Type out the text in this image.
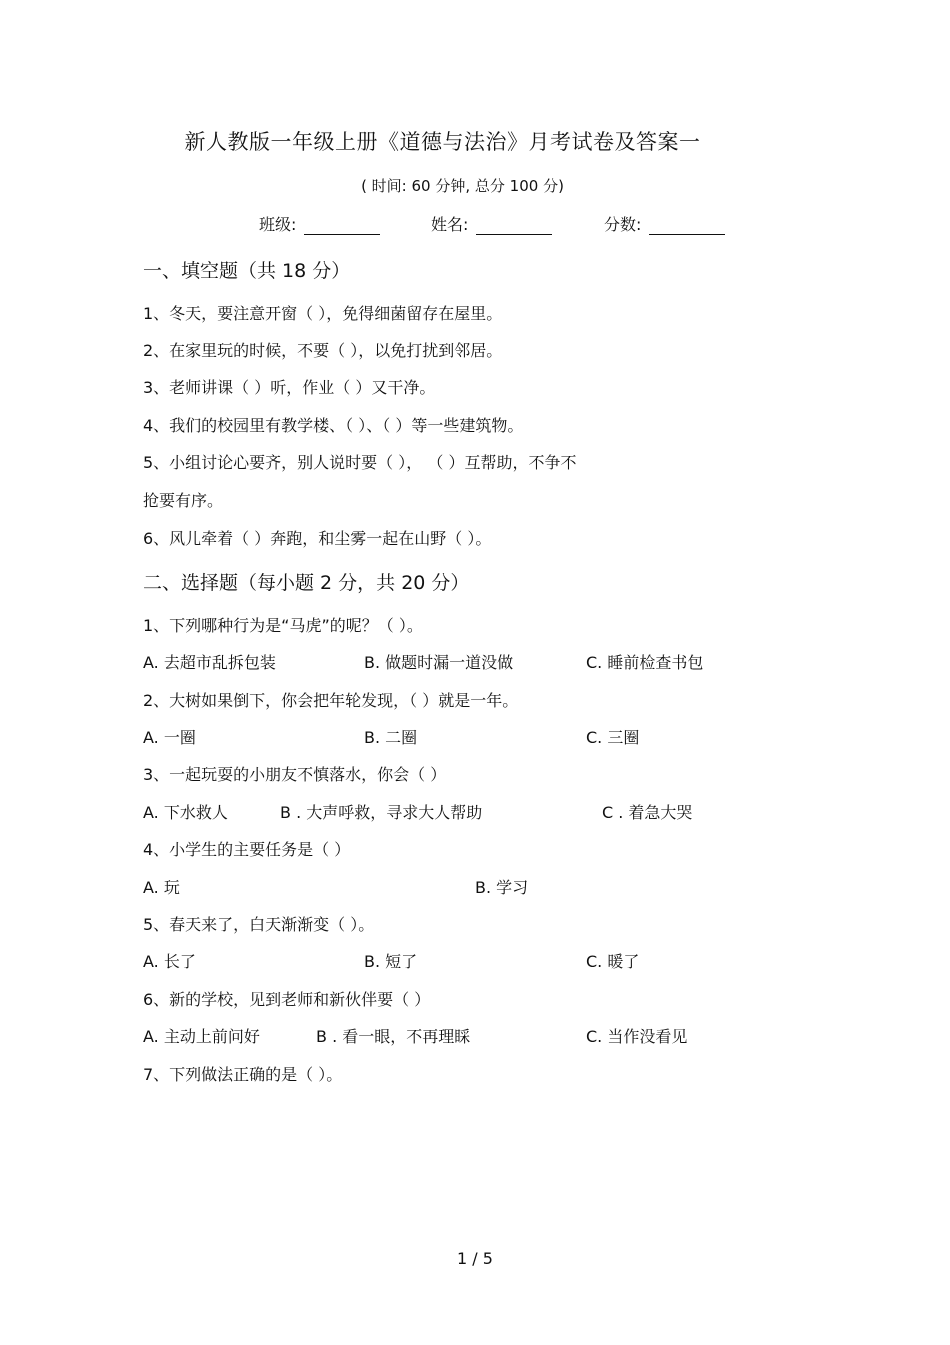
新人教版一年级上册《道德与法治》月考试卷及答案一
( 时间: 60 分钟, 总分 100 分)
班级:	姓名:	分数:
一、填空题（共 18 分）
1、冬天，要注意开窗（ ），免得细菌留存在屋里。
2、在家里玩的时候，不要（ ），以免打扰到邻居。
3、老师讲课（ ）听，作业（ ）又干净。
4、我们的校园里有教学楼、（ ）、（ ）等一些建筑物。
5、小组讨论心要齐，别人说时要（ ）， （ ）互帮助，不争不
抢要有序。
6、风儿牵着（ ）奔跑，和尘雾一起在山野（ ）。
二、选择题（每小题 2 分，共 20 分）
1、下列哪种行为是“马虎”的呢？（ ）。
A. 去超市乱拆包装	B. 做题时漏一道没做	C. 睡前检查书包
2、大树如果倒下，你会把年轮发现，（ ）就是一年。
A. 一圈	B. 二圈	C. 三圈
3、一起玩耍的小朋友不慎落水，你会（ ）
A. 下水救人	B . 大声呼救，寻求大人帮助	C . 着急大哭
4、小学生的主要任务是（ ）
A. 玩	B. 学习
5、春天来了，白天渐渐变（ ）。
A. 长了	B. 短了	C. 暖了
6、新的学校，见到老师和新伙伴要（ ）
A. 主动上前问好	B . 看一眼，不再理睬	C. 当作没看见
7、下列做法正确的是（ ）。
1 / 5
